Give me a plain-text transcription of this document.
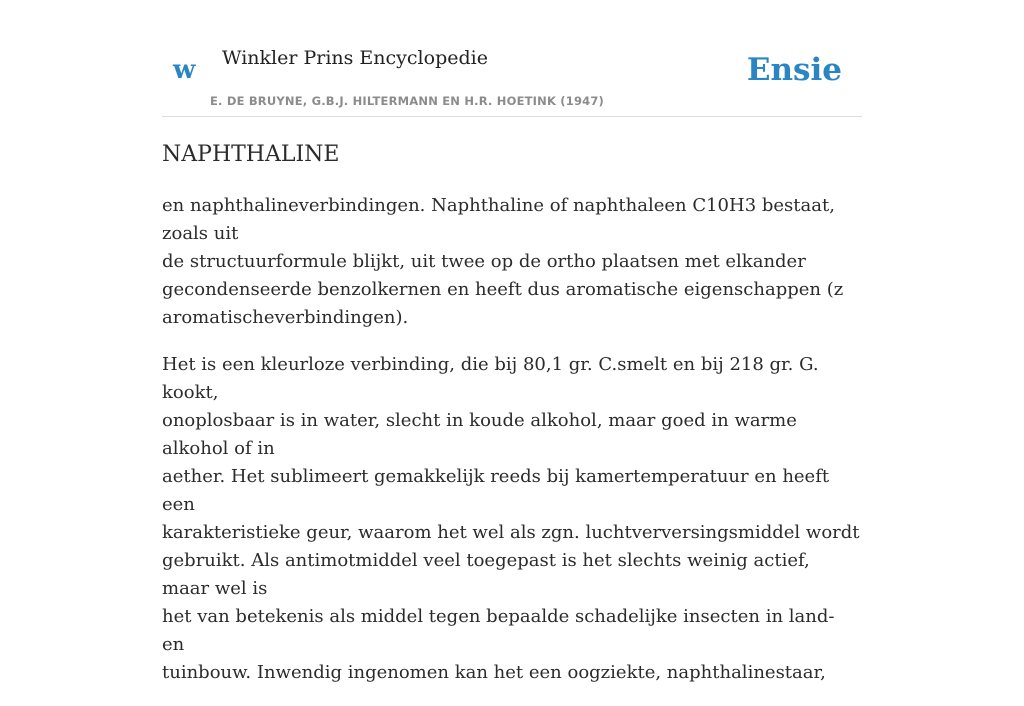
w Winkler Prins Encyclopedie
E. DE BRUYNE, G.B.J. HILTERMANN EN H.R. HOETINK (1947)
Ensie
NAPHTHALINE

en naphthalineverbindingen. Naphthaline of naphthaleen C10H3 bestaat, zoals uit
de structuurformule blijkt, uit twee op de ortho plaatsen met elkander
gecondenseerde benzolkernen en heeft dus aromatische eigenschappen (z
aromatischeverbindingen).

Het is een kleurloze verbinding, die bij 80,1 gr. C.smelt en bij 218 gr. G. kookt,
onoplosbaar is in water, slecht in koude alkohol, maar goed in warme alkohol of in
aether. Het sublimeert gemakkelijk reeds bij kamertemperatuur en heeft een
karakteristieke geur, waarom het wel als zgn. luchtverversingsmiddel wordt
gebruikt. Als antimotmiddel veel toegepast is het slechts weinig actief, maar wel is
het van betekenis als middel tegen bepaalde schadelijke insecten in land- en
tuinbouw. Inwendig ingenomen kan het een oogziekte, naphthalinestaar,
